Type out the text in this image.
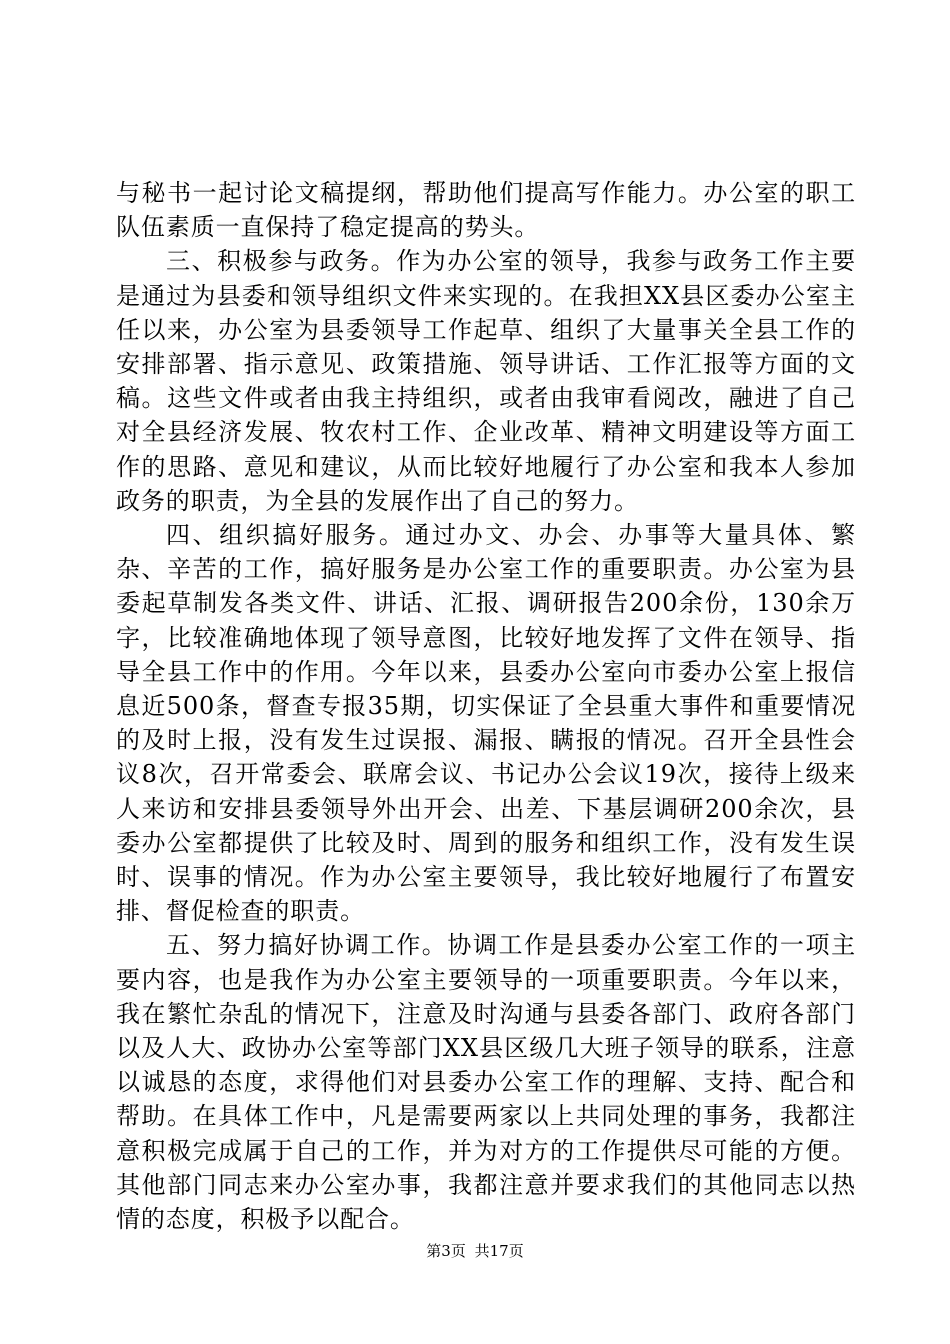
与秘书一起讨论文稿提纲，帮助他们提高写作能力。办公室的职工队伍素质一直保持了稳定提高的势头。

三、积极参与政务。作为办公室的领导，我参与政务工作主要是通过为县委和领导组织文件来实现的。在我担XX县区委办公室主任以来，办公室为县委领导工作起草、组织了大量事关全县工作的安排部署、指示意见、政策措施、领导讲话、工作汇报等方面的文稿。这些文件或者由我主持组织，或者由我审看阅改，融进了自己对全县经济发展、牧农村工作、企业改革、精神文明建设等方面工作的思路、意见和建议，从而比较好地履行了办公室和我本人参加政务的职责，为全县的发展作出了自己的努力。

四、组织搞好服务。通过办文、办会、办事等大量具体、繁杂、辛苦的工作，搞好服务是办公室工作的重要职责。办公室为县委起草制发各类文件、讲话、汇报、调研报告200余份，130余万字，比较准确地体现了领导意图，比较好地发挥了文件在领导、指导全县工作中的作用。今年以来，县委办公室向市委办公室上报信息近500条，督查专报35期，切实保证了全县重大事件和重要情况的及时上报，没有发生过误报、漏报、瞒报的情况。召开全县性会议8次，召开常委会、联席会议、书记办公会议19次，接待上级来人来访和安排县委领导外出开会、出差、下基层调研200余次，县委办公室都提供了比较及时、周到的服务和组织工作，没有发生误时、误事的情况。作为办公室主要领导，我比较好地履行了布置安排、督促检查的职责。

五、努力搞好协调工作。协调工作是县委办公室工作的一项主要内容，也是我作为办公室主要领导的一项重要职责。今年以来，我在繁忙杂乱的情况下，注意及时沟通与县委各部门、政府各部门以及人大、政协办公室等部门XX县区级几大班子领导的联系，注意以诚恳的态度，求得他们对县委办公室工作的理解、支持、配合和帮助。在具体工作中，凡是需要两家以上共同处理的事务，我都注意积极完成属于自己的工作，并为对方的工作提供尽可能的方便。其他部门同志来办公室办事，我都注意并要求我们的其他同志以热情的态度，积极予以配合。

第3页 共17页
